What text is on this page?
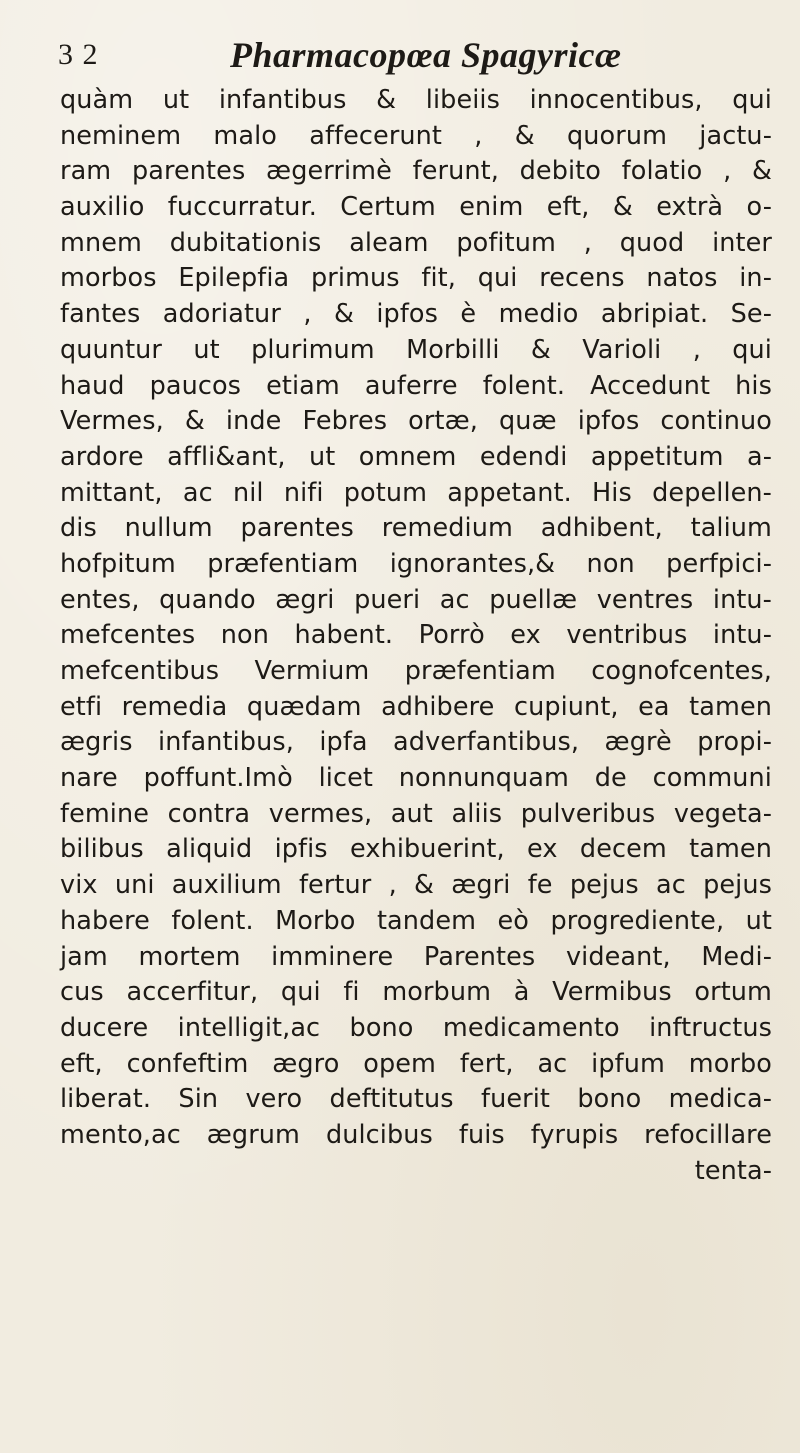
3 2	Pharmacopœa Spagyricæ
quàm ut infantibus & libeiis innocentibus, qui
neminem malo affecerunt , & quorum jactu-
ram parentes ægerrimè ferunt, debito folatio , &
auxilio fuccurratur. Certum enim eft, & extrà o-
mnem dubitationis aleam pofitum , quod inter
morbos Epilepfia primus fit, qui recens natos in-
fantes adoriatur , & ipfos è medio abripiat. Se-
quuntur ut plurimum Morbilli & Varioli , qui
haud paucos etiam auferre folent. Accedunt his
Vermes, & inde Febres ortæ, quæ ipfos continuo
ardore affli&ant, ut omnem edendi appetitum a-
mittant, ac nil nifi potum appetant. His depellen-
dis nullum parentes remedium adhibent, talium
hofpitum præfentiam ignorantes,& non perfpici-
entes, quando ægri pueri ac puellæ ventres intu-
mefcentes non habent. Porrò ex ventribus intu-
mefcentibus Vermium præfentiam cognofcentes,
etfi remedia quædam adhibere cupiunt, ea tamen
ægris infantibus, ipfa adverfantibus, ægrè propi-
nare poffunt.Imò licet nonnunquam de communi
femine contra vermes, aut aliis pulveribus vegeta-
bilibus aliquid ipfis exhibuerint, ex decem tamen
vix uni auxilium fertur , & ægri fe pejus ac pejus
habere folent. Morbo tandem eò progrediente, ut
jam mortem imminere Parentes videant, Medi-
cus accerfitur, qui fi morbum à Vermibus ortum
ducere intelligit,ac bono medicamento inftructus
eft, confeftim ægro opem fert, ac ipfum morbo
liberat. Sin vero deftitutus fuerit bono medica-
mento,ac ægrum dulcibus fuis fyrupis refocillare
tenta-
